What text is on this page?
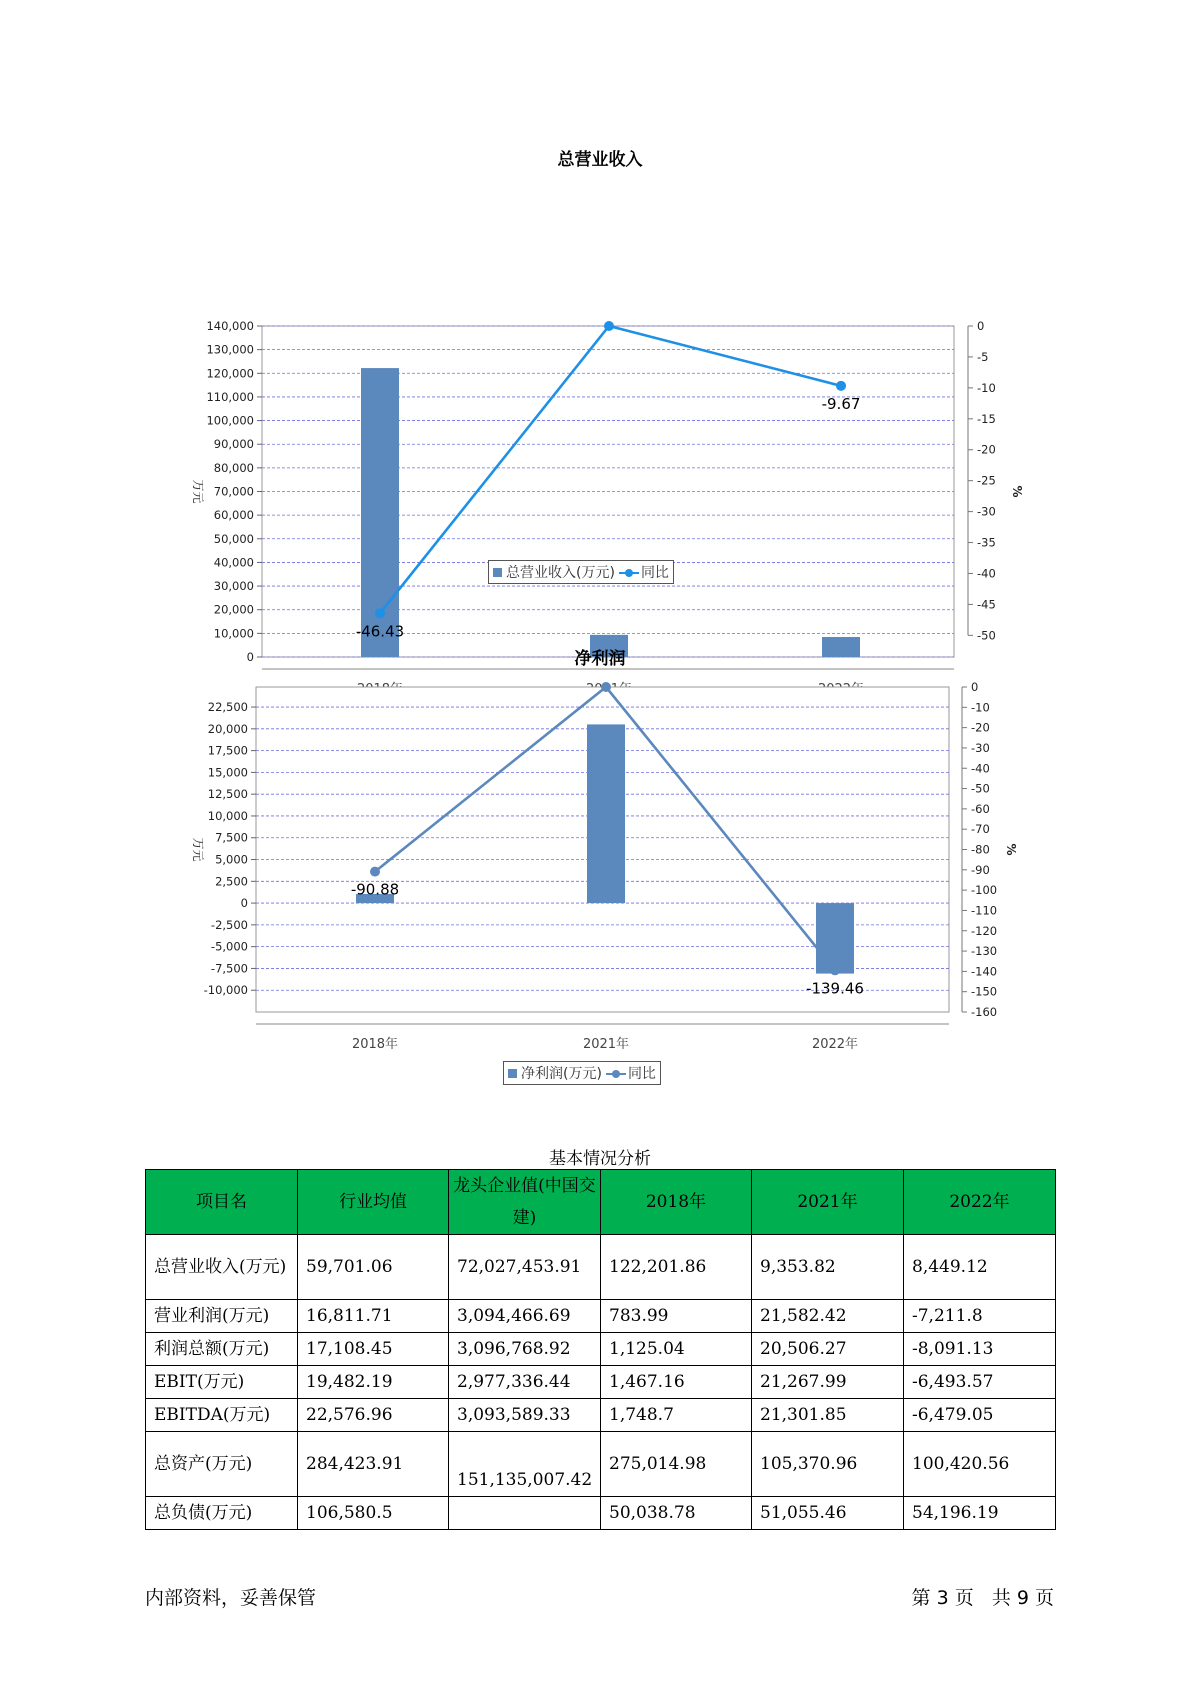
总营业收入
140,000
130,000
120,000
110,000
100,000
90,000
80,000
70,000
60,000
50,000
40,000
30,000
20,000
10,000
0
0
-5
-10
-15
-20
-25
-30
-35
-40
-45
-50
万元	%
-46.43
-9.67
总营业收入(万元) 同比
净利润
22,500
20,000
17,500
15,000
12,500
10,000
7,500
5,000
2,500
0
-2,500
-5,000
-7,500
-10,000
0
-10
-20
-30
-40
-50
-60
-70
-80
-90
-100
-110
-120
-130
-140
-150
-160
万元	%
2018年	2021年	2022年
-90.88
-139.46
净利润(万元) 同比
基本情况分析
项目名	行业均值	龙头企业值(中国交建)	2018年	2021年	2022年
总营业收入(万元)	59,701.06	72,027,453.91	122,201.86	9,353.82	8,449.12
营业利润(万元)	16,811.71	3,094,466.69	783.99	21,582.42	-7,211.8
利润总额(万元)	17,108.45	3,096,768.92	1,125.04	20,506.27	-8,091.13
EBIT(万元)	19,482.19	2,977,336.44	1,467.16	21,267.99	-6,493.57
EBITDA(万元)	22,576.96	3,093,589.33	1,748.7	21,301.85	-6,479.05
总资产(万元)	284,423.91	151,135,007.42	275,014.98	105,370.96	100,420.56
总负债(万元)	106,580.5		50,038.78	51,055.46	54,196.19
内部资料，妥善保管	第 3 页   共 9 页
